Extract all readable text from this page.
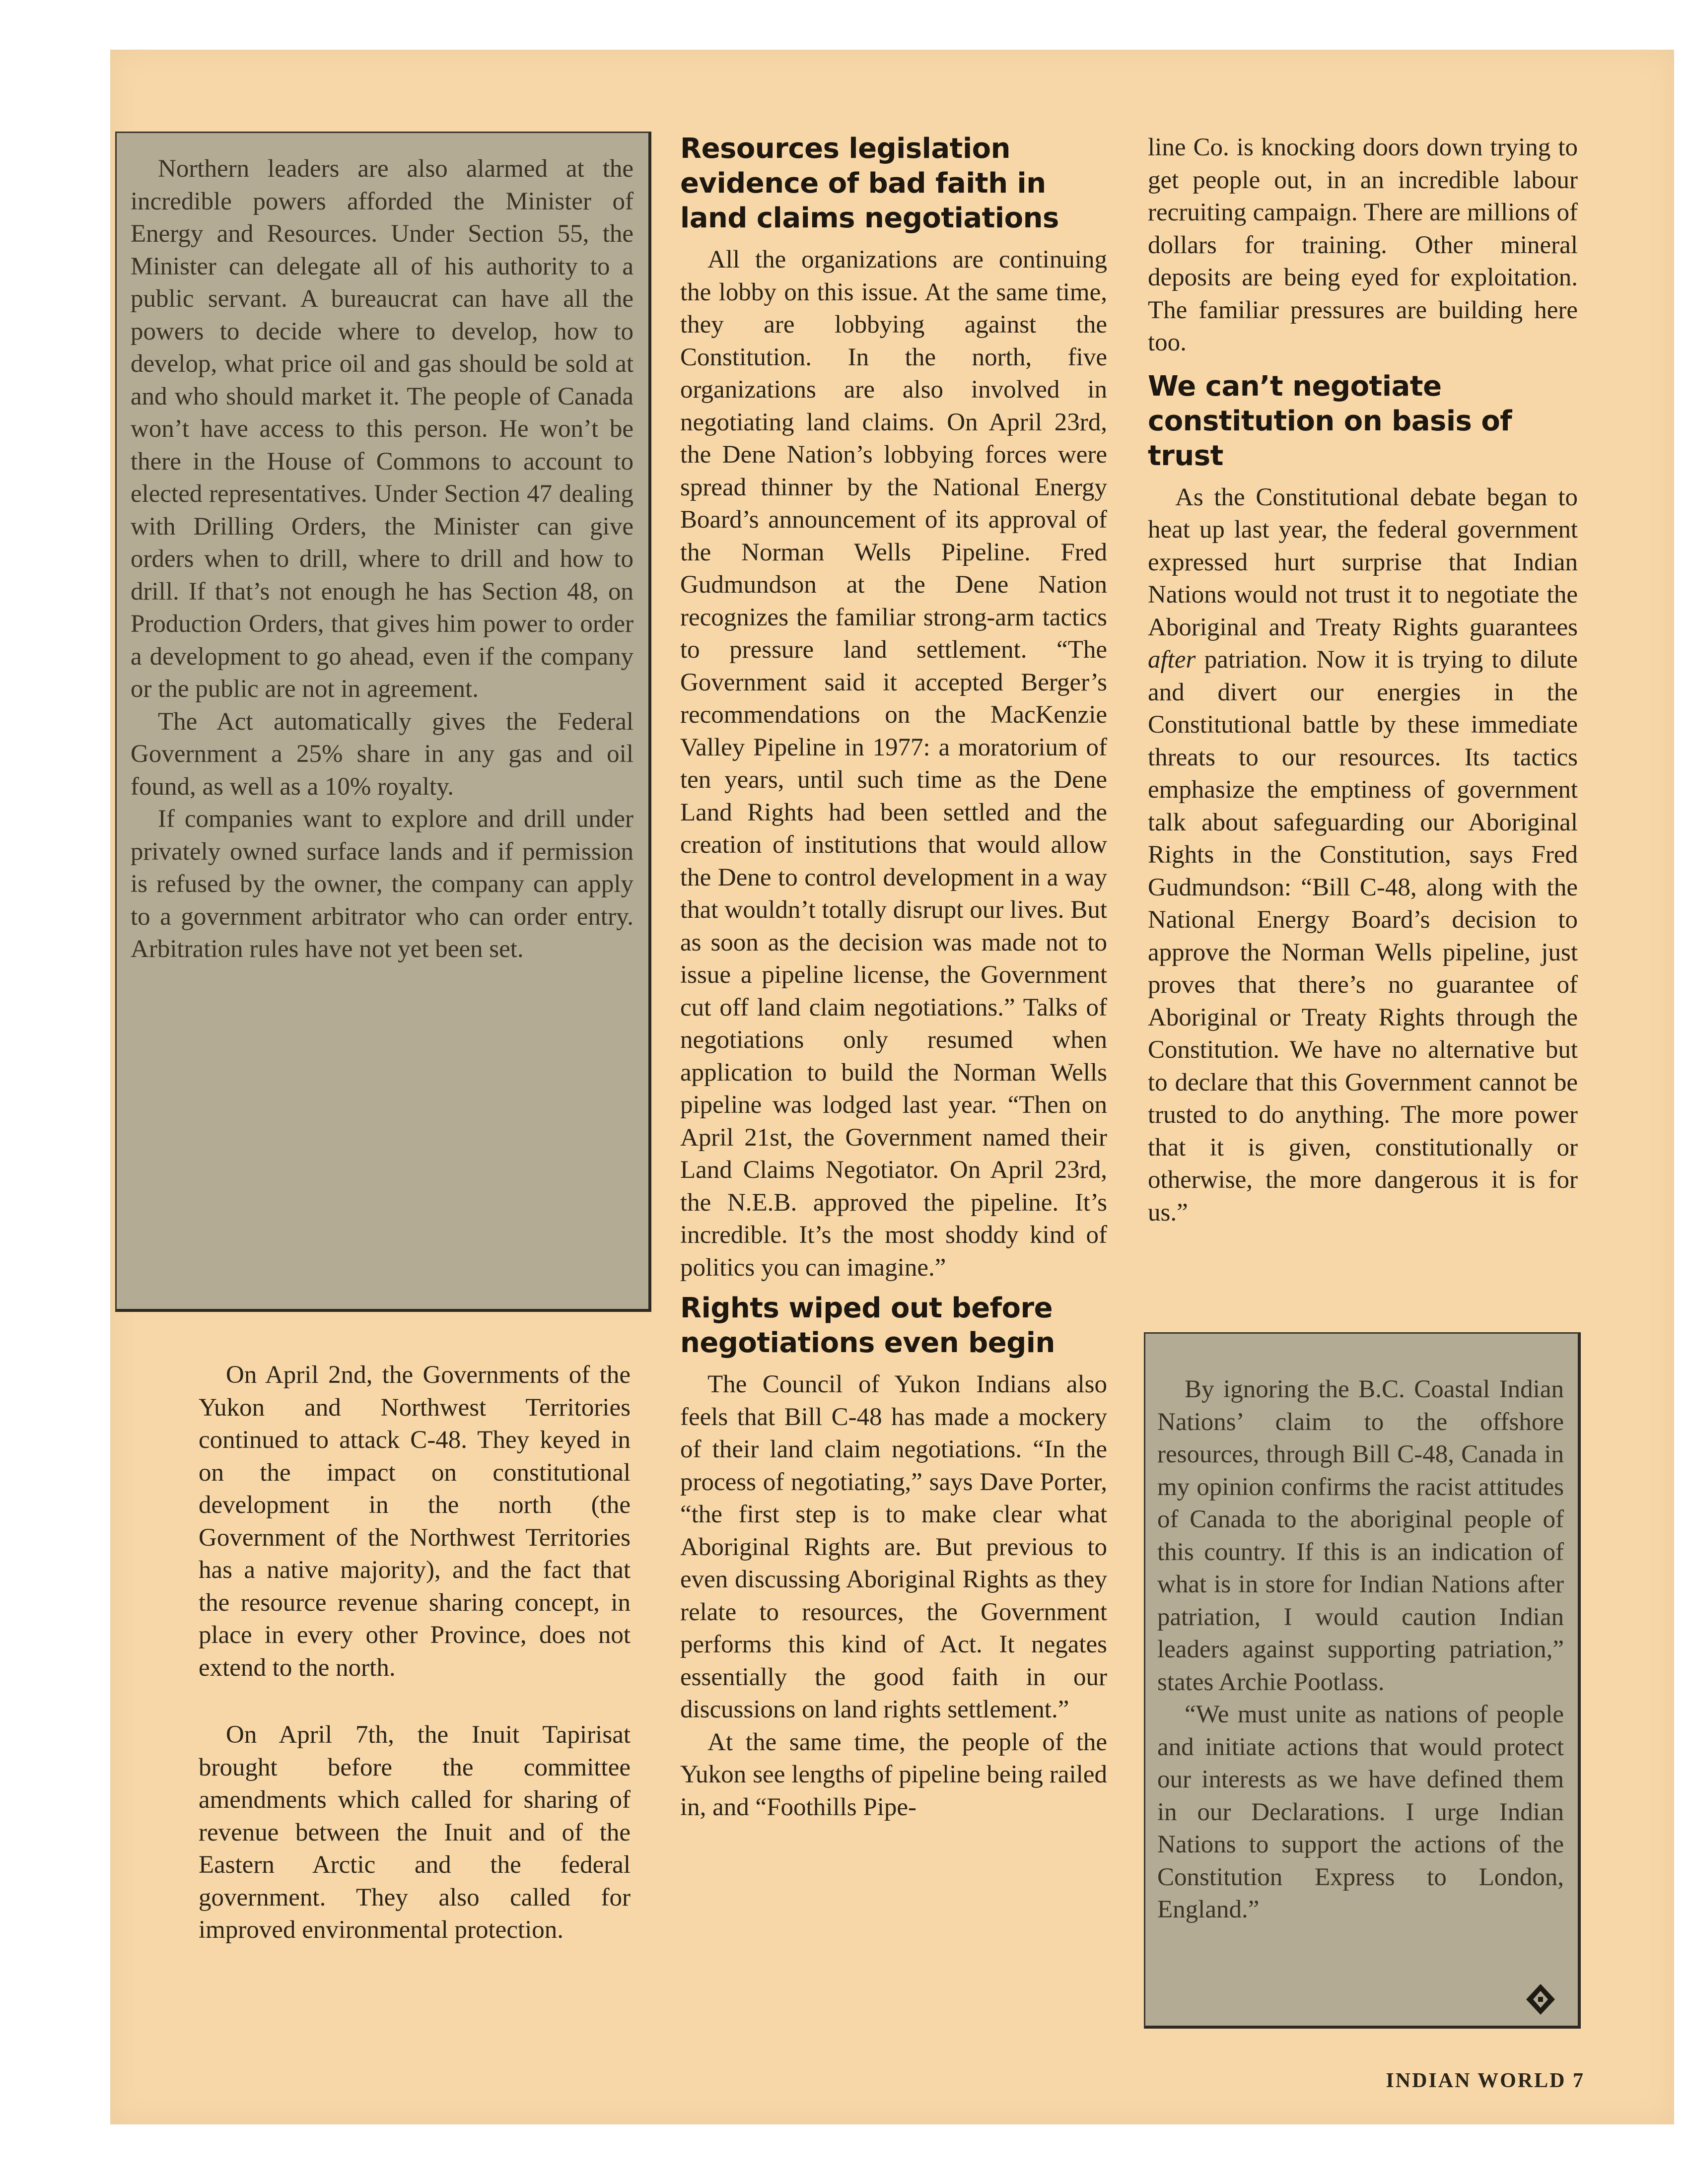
Northern leaders are also alarmed at the incredible powers afforded the Minister of Energy and Resources. Under Section 55, the Minister can delegate all of his authority to a public servant. A bureaucrat can have all the powers to decide where to develop, how to develop, what price oil and gas should be sold at and who should market it. The people of Canada won’t have access to this person. He won’t be there in the House of Commons to account to elected representatives. Under Section 47 dealing with Drilling Orders, the Minister can give orders when to drill, where to drill and how to drill. If that’s not enough he has Section 48, on Production Orders, that gives him power to order a development to go ahead, even if the company or the public are not in agreement.

The Act automatically gives the Federal Government a 25% share in any gas and oil found, as well as a 10% royalty.

If companies want to explore and drill under privately owned surface lands and if permission is refused by the owner, the company can apply to a government arbitrator who can order entry. Arbitration rules have not yet been set.

On April 2nd, the Governments of the Yukon and Northwest Territories continued to attack C-48. They keyed in on the impact on constitutional development in the north (the Government of the Northwest Territories has a native majority), and the fact that the resource revenue sharing concept, in place in every other Province, does not extend to the north.

On April 7th, the Inuit Tapirisat brought before the committee amendments which called for sharing of revenue between the Inuit and of the Eastern Arctic and the federal government. They also called for improved environmental protection.

Resources legislation evidence of bad faith in land claims negotiations

All the organizations are continuing the lobby on this issue. At the same time, they are lobbying against the Constitution. In the north, five organizations are also involved in negotiating land claims. On April 23rd, the Dene Nation’s lobbying forces were spread thinner by the National Energy Board’s announcement of its approval of the Norman Wells Pipeline. Fred Gudmundson at the Dene Nation recognizes the familiar strong-arm tactics to pressure land settlement. “The Government said it accepted Berger’s recommendations on the MacKenzie Valley Pipeline in 1977: a moratorium of ten years, until such time as the Dene Land Rights had been settled and the creation of institutions that would allow the Dene to control development in a way that wouldn’t totally disrupt our lives. But as soon as the decision was made not to issue a pipeline license, the Government cut off land claim negotiations.” Talks of negotiations only resumed when application to build the Norman Wells pipeline was lodged last year. “Then on April 21st, the Government named their Land Claims Negotiator. On April 23rd, the N.E.B. approved the pipeline. It’s incredible. It’s the most shoddy kind of politics you can imagine.”

Rights wiped out before negotiations even begin

The Council of Yukon Indians also feels that Bill C-48 has made a mockery of their land claim negotiations. “In the process of negotiating,” says Dave Porter, “the first step is to make clear what Aboriginal Rights are. But previous to even discussing Aboriginal Rights as they relate to resources, the Government performs this kind of Act. It negates essentially the good faith in our discussions on land rights settlement.”

At the same time, the people of the Yukon see lengths of pipeline being railed in, and “Foothills Pipe-

line Co. is knocking doors down trying to get people out, in an incredible labour recruiting campaign. There are millions of dollars for training. Other mineral deposits are being eyed for exploitation. The familiar pressures are building here too.

We can’t negotiate constitution on basis of trust

As the Constitutional debate began to heat up last year, the federal government expressed hurt surprise that Indian Nations would not trust it to negotiate the Aboriginal and Treaty Rights guarantees after patriation. Now it is trying to dilute and divert our energies in the Constitutional battle by these immediate threats to our resources. Its tactics emphasize the emptiness of government talk about safeguarding our Aboriginal Rights in the Constitution, says Fred Gudmundson: “Bill C-48, along with the National Energy Board’s decision to approve the Norman Wells pipeline, just proves that there’s no guarantee of Aboriginal or Treaty Rights through the Constitution. We have no alternative but to declare that this Government cannot be trusted to do anything. The more power that it is given, constitutionally or otherwise, the more dangerous it is for us.”

By ignoring the B.C. Coastal Indian Nations’ claim to the offshore resources, through Bill C-48, Canada in my opinion confirms the racist attitudes of Canada to the aboriginal people of this country. If this is an indication of what is in store for Indian Nations after patriation, I would caution Indian leaders against supporting patriation,” states Archie Pootlass.

“We must unite as nations of people and initiate actions that would protect our interests as we have defined them in our Declarations. I urge Indian Nations to support the actions of the Constitution Express to London, England.”

INDIAN WORLD 7
